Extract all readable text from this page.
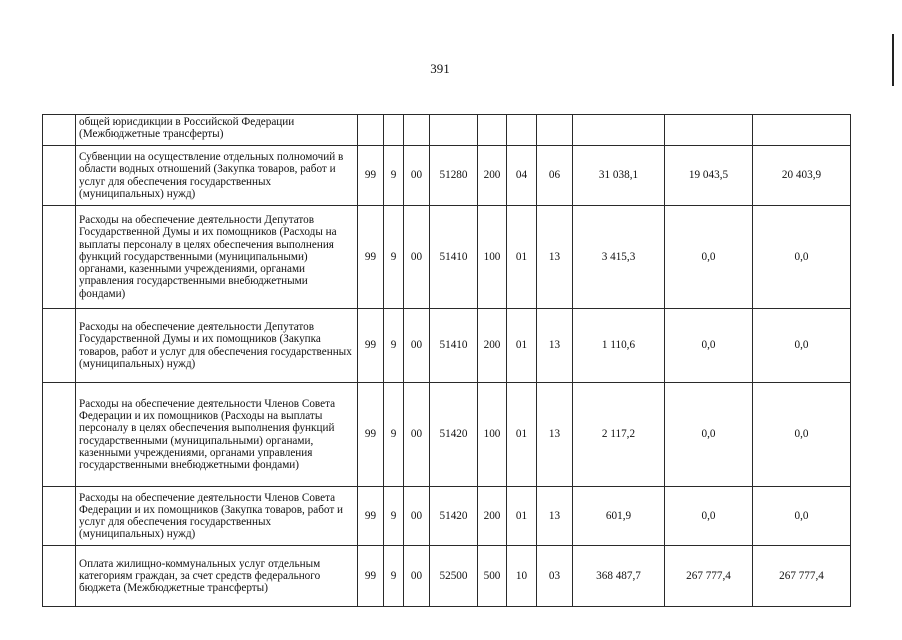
391
	общей юрисдикции в Российской Федерации (Межбюджетные трансферты)										
	Субвенции на осуществление отдельных полномочий в области водных отношений (Закупка товаров, работ и услуг для обеспечения государственных (муниципальных) нужд)	99	9	00	51280	200	04	06	31 038,1	19 043,5	20 403,9
	Расходы на обеспечение деятельности Депутатов Государственной Думы и их помощников (Расходы на выплаты персоналу в целях обеспечения выполнения функций государственными (муниципальными) органами, казенными учреждениями, органами управления государственными внебюджетными фондами)	99	9	00	51410	100	01	13	3 415,3	0,0	0,0
	Расходы на обеспечение деятельности Депутатов Государственной Думы и их помощников (Закупка товаров, работ и услуг для обеспечения государственных (муниципальных) нужд)	99	9	00	51410	200	01	13	1 110,6	0,0	0,0
	Расходы на обеспечение деятельности Членов Совета Федерации и их помощников (Расходы на выплаты персоналу в целях обеспечения выполнения функций государственными (муниципальными) органами, казенными учреждениями, органами управления государственными внебюджетными фондами)	99	9	00	51420	100	01	13	2 117,2	0,0	0,0
	Расходы на обеспечение деятельности Членов Совета Федерации и их помощников (Закупка товаров, работ и услуг для обеспечения государственных (муниципальных) нужд)	99	9	00	51420	200	01	13	601,9	0,0	0,0
	Оплата жилищно-коммунальных услуг отдельным категориям граждан, за счет средств федерального бюджета (Межбюджетные трансферты)	99	9	00	52500	500	10	03	368 487,7	267 777,4	267 777,4
